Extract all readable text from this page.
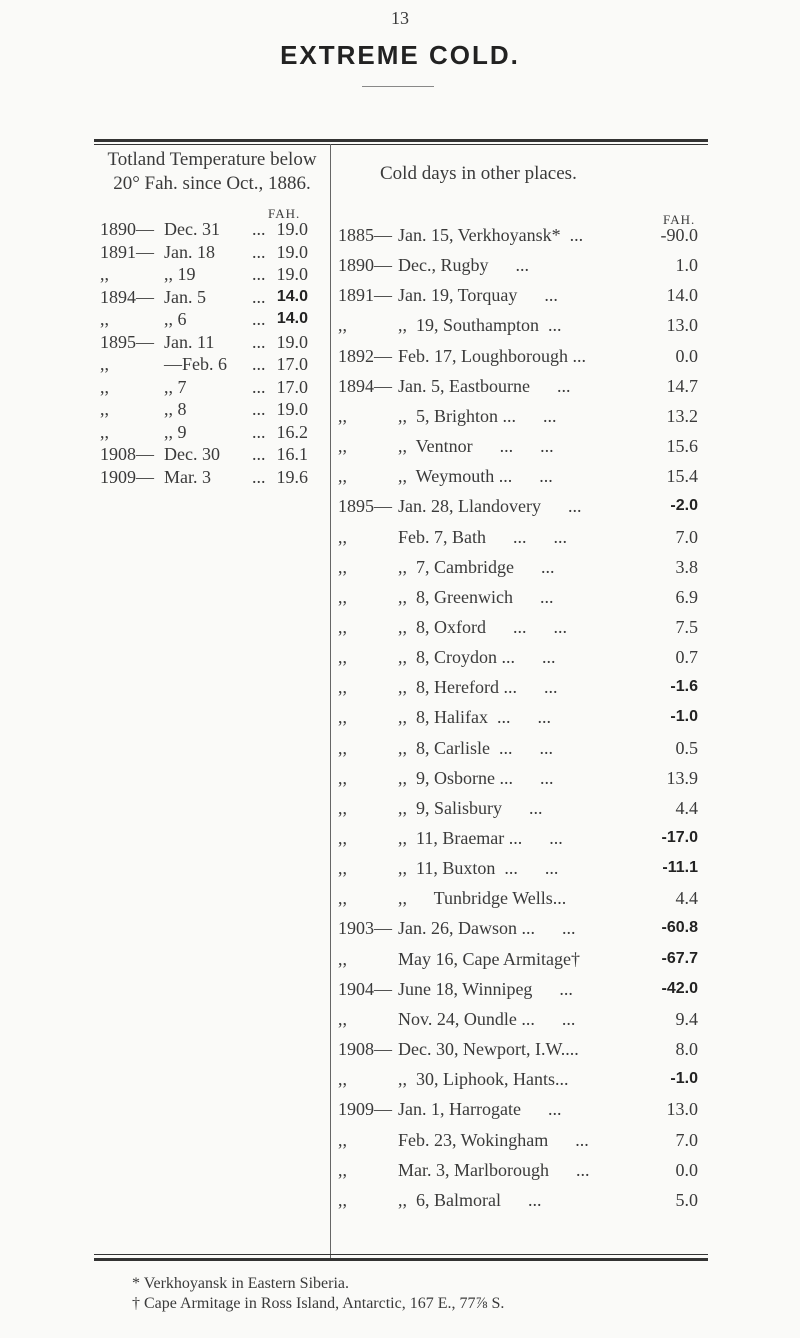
13
EXTREME COLD.
Totland Temperature below
20° Fah. since Oct., 1886.	Cold days in other places.
FAH.	FAH.
1890— Dec. 31 ... 19.0
1891— Jan. 18 ... 19.0
,,	,, 19	... 19.0
1894— Jan. 5	... 14.0
,,	,, 6	... 14.0
1895— Jan. 11 ... 19.0
,,	—Feb. 6 ... 17.0
,,	,, 7	... 17.0
,,	,, 8	... 19.0
,,	,, 9	... 16.2
1908— Dec. 30 ... 16.1
1909— Mar. 3 ... 19.6
1885— Jan. 15, Verkhoyansk*  ...	-90.0
1890— Dec., Rugby      ...	1.0
1891— Jan. 19, Torquay      ...	14.0
,,	,,  19, Southampton  ...	13.0
1892— Feb. 17, Loughborough ...	0.0
1894— Jan. 5, Eastbourne      ...	14.7
,,	,,  5, Brighton ...      ...	13.2
,,	,,  Ventnor      ...      ...	15.6
,,	,,  Weymouth ...      ...	15.4
1895— Jan. 28, Llandovery      ...	-2.0
,,	Feb. 7, Bath      ...      ...	7.0
,,	,,  7, Cambridge      ...	3.8
,,	,,  8, Greenwich      ...	6.9
,,	,,  8, Oxford      ...      ...	7.5
,,	,,  8, Croydon ...      ...	0.7
,,	,,  8, Hereford ...      ...	-1.6
,,	,,  8, Halifax  ...      ...	-1.0
,,	,,  8, Carlisle  ...      ...	0.5
,,	,,  9, Osborne ...      ...	13.9
,,	,,  9, Salisbury      ...	4.4
,,	,,  11, Braemar ...      ...	-17.0
,,	,,  11, Buxton  ...      ...	-11.1
,,	,,      Tunbridge Wells...	4.4
1903— Jan. 26, Dawson ...      ...	-60.8
,,	May 16, Cape Armitage†	-67.7
1904— June 18, Winnipeg      ...	-42.0
,,	Nov. 24, Oundle ...      ...	9.4
1908— Dec. 30, Newport, I.W....	8.0
,,	,,  30, Liphook, Hants...	-1.0
1909— Jan. 1, Harrogate      ...	13.0
,,	Feb. 23, Wokingham      ...	7.0
,,	Mar. 3, Marlborough      ...	0.0
,,	,,  6, Balmoral      ...	5.0
* Verkhoyansk in Eastern Siberia.
† Cape Armitage in Ross Island, Antarctic, 167 E., 77⅞ S.
